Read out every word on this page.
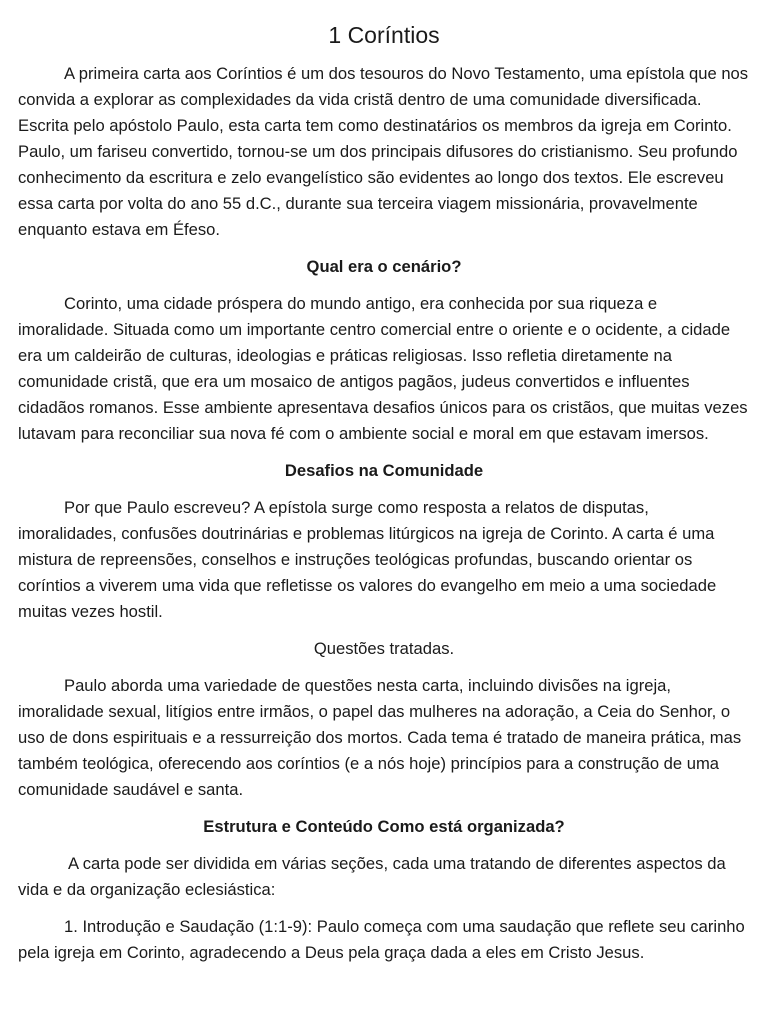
1 Coríntios

A primeira carta aos Coríntios é um dos tesouros do Novo Testamento, uma epístola que nos convida a explorar as complexidades da vida cristã dentro de uma comunidade diversificada. Escrita pelo apóstolo Paulo, esta carta tem como destinatários os membros da igreja em Corinto. Paulo, um fariseu convertido, tornou-se um dos principais difusores do cristianismo. Seu profundo conhecimento da escritura e zelo evangelístico são evidentes ao longo dos textos. Ele escreveu essa carta por volta do ano 55 d.C., durante sua terceira viagem missionária, provavelmente enquanto estava em Éfeso.

Qual era o cenário?

Corinto, uma cidade próspera do mundo antigo, era conhecida por sua riqueza e imoralidade. Situada como um importante centro comercial entre o oriente e o ocidente, a cidade era um caldeirão de culturas, ideologias e práticas religiosas. Isso refletia diretamente na comunidade cristã, que era um mosaico de antigos pagãos, judeus convertidos e influentes cidadãos romanos. Esse ambiente apresentava desafios únicos para os cristãos, que muitas vezes lutavam para reconciliar sua nova fé com o ambiente social e moral em que estavam imersos.

Desafios na Comunidade

Por que Paulo escreveu? A epístola surge como resposta a relatos de disputas, imoralidades, confusões doutrinárias e problemas litúrgicos na igreja de Corinto. A carta é uma mistura de repreensões, conselhos e instruções teológicas profundas, buscando orientar os coríntios a viverem uma vida que refletisse os valores do evangelho em meio a uma sociedade muitas vezes hostil.

Questões tratadas.

Paulo aborda uma variedade de questões nesta carta, incluindo divisões na igreja, imoralidade sexual, litígios entre irmãos, o papel das mulheres na adoração, a Ceia do Senhor, o uso de dons espirituais e a ressurreição dos mortos. Cada tema é tratado de maneira prática, mas também teológica, oferecendo aos coríntios (e a nós hoje) princípios para a construção de uma comunidade saudável e santa.

Estrutura e Conteúdo Como está organizada?

A carta pode ser dividida em várias seções, cada uma tratando de diferentes aspectos da vida e da organização eclesiástica:

1. Introdução e Saudação (1:1-9): Paulo começa com uma saudação que reflete seu carinho pela igreja em Corinto, agradecendo a Deus pela graça dada a eles em Cristo Jesus.
